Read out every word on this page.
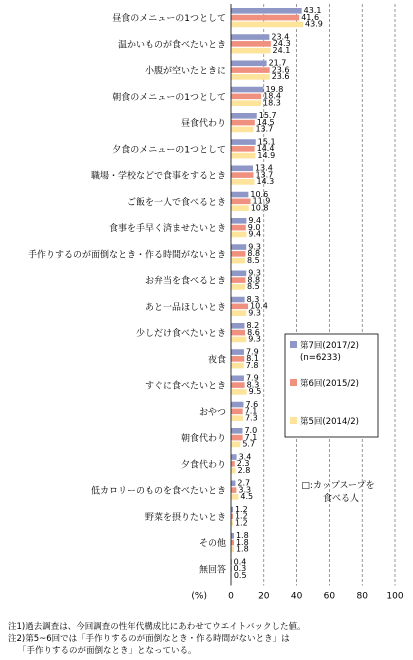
43.1
41.6
43.9
23.4
24.3
24.1
21.7
23.6
23.6
19.8
18.4
18.3
15.7
14.5
13.7
15.1
14.4
14.9
13.4
13.7
14.3
10.6
11.9
10.8
9.4
9.0
9.4
9.3
8.8
8.5
9.3
8.8
8.5
8.3
10.4
9.3
8.2
8.6
9.3
7.9
8.1
7.8
7.9
8.3
9.5
7.6
7.1
7.3
7.0
7.1
5.7
3.4
2.3
2.8
2.7
3.3
4.5
1.2
1.2
1.2
1.8
1.8
1.8
0.4
0.3
0.5
昼食のメニューの1つとして
温かいものが食べたいとき
小腹が空いたときに
朝食のメニューの1つとして
昼食代わり
夕食のメニューの1つとして
職場・学校などで食事をするとき
ご飯を一人で食べるとき
食事を手早く済ませたいとき
手作りするのが面倒なとき・作る時間がないとき
お弁当を食べるとき
あと一品ほしいとき
少しだけ食べたいとき
夜食
すぐに食べたいとき
おやつ
朝食代わり
夕食代わり
低カロリーのものを食べたいとき
野菜を摂りたいとき
その他
無回答
0	20 40 60 80 100
(%)
第7回(2017/2)
(n=6233)
第6回(2015/2)
第5回(2014/2)
□:カップスープを
食べる人
注1)過去調査は、今回調査の性年代構成比にあわせてウエイトバックした値。
注2)第5~6回では「手作りするのが面倒なとき・作る時間がないとき」は
「手作りするのが面倒なとき」となっている。
